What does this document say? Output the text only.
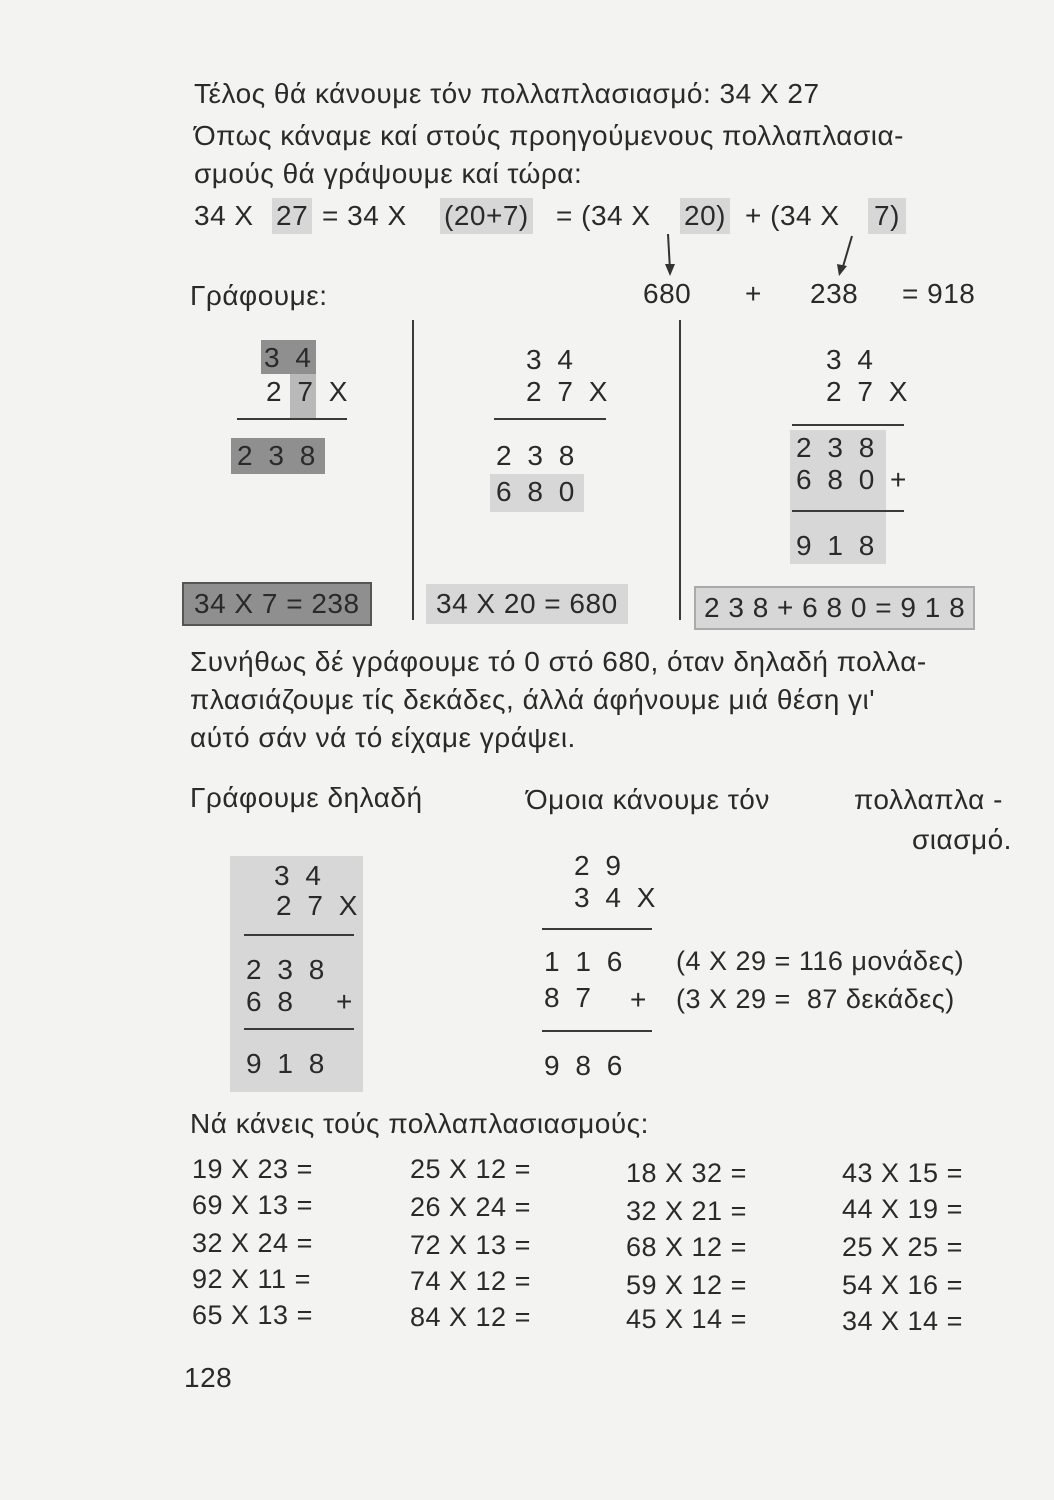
Τέλος θά κάνουμε τόν πολλαπλασιασμό: 34 Χ 27
Όπως κάναμε καί στούς προηγούμενους πολλαπλασια-
σμούς θά γράψουμε καί τώρα:
34 Χ 27 = 34 Χ (20+7) = (34 Χ 20) + (34 Χ 7)
Γράφουμε:	680 + 238 = 918
3 4
2 7 Χ
2 3 8
34 Χ 7 = 238
3 4
2 7 Χ
2 3 8
6 8 0
34 Χ 20 = 680
3 4
2 7 Χ
2 3 8
6 8 0 +
9 1 8
2 3 8 + 6 8 0 = 9 1 8
Συνήθως δέ γράφουμε τό 0 στό 680, όταν δηλαδή πολλα-
πλασιάζουμε τίς δεκάδες, άλλά άφήνουμε μιά θέση γι'
αύτό σάν νά τό είχαμε γράψει.
Γράφουμε δηλαδή
3 4
2 7 Χ
2 3 8
6 8 +
9 1 8
Όμοια κάνουμε τόν	πολλαπλα -
σιασμό.
2 9
3 4 Χ
1 1 6
8 7 +
9 8 6
(4 Χ 29 = 116 μονάδες)
(3 Χ 29 =  87 δεκάδες)
Νά κάνεις τούς πολλαπλασιασμούς:
19 Χ 23 =
69 Χ 13 =
32 Χ 24 =
92 Χ 11 =
65 Χ 13 =
25 Χ 12 =
26 Χ 24 =
72 Χ 13 =
74 Χ 12 =
84 Χ 12 =
18 Χ 32 =
32 Χ 21 =
68 Χ 12 =
59 Χ 12 =
45 Χ 14 =
43 Χ 15 =
44 Χ 19 =
25 Χ 25 =
54 Χ 16 =
34 Χ 14 =
128
